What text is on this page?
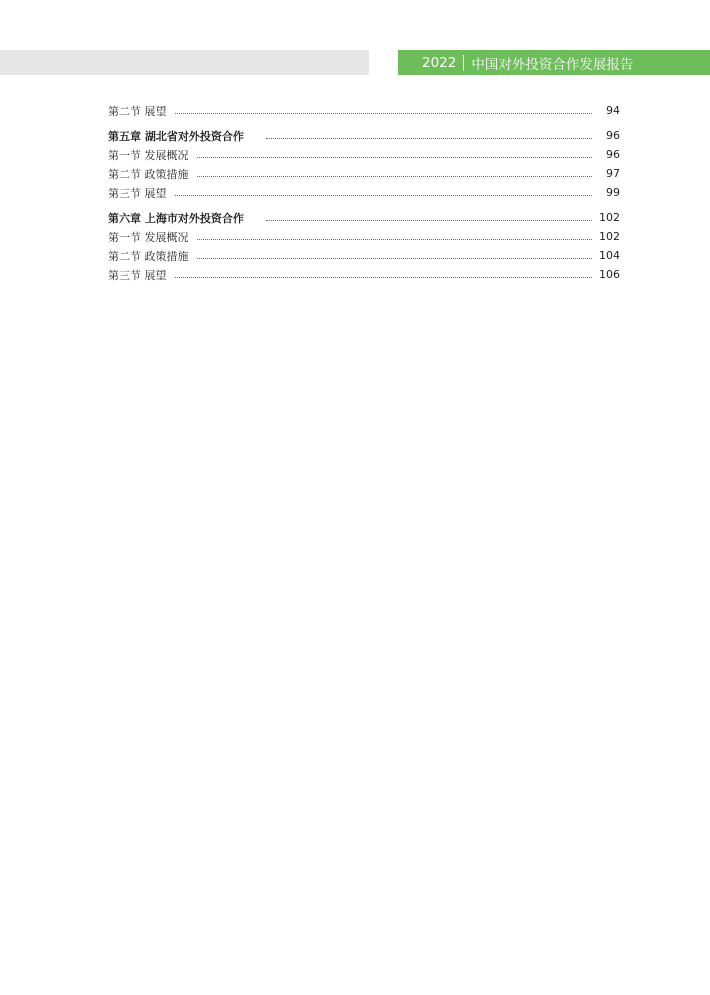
2022 中国对外投资合作发展报告
第二节 展望	94
第五章 湖北省对外投资合作	96
第一节 发展概况	96
第二节 政策措施	97
第三节 展望	99
第六章 上海市对外投资合作	102
第一节 发展概况	102
第二节 政策措施	104
第三节 展望	106
